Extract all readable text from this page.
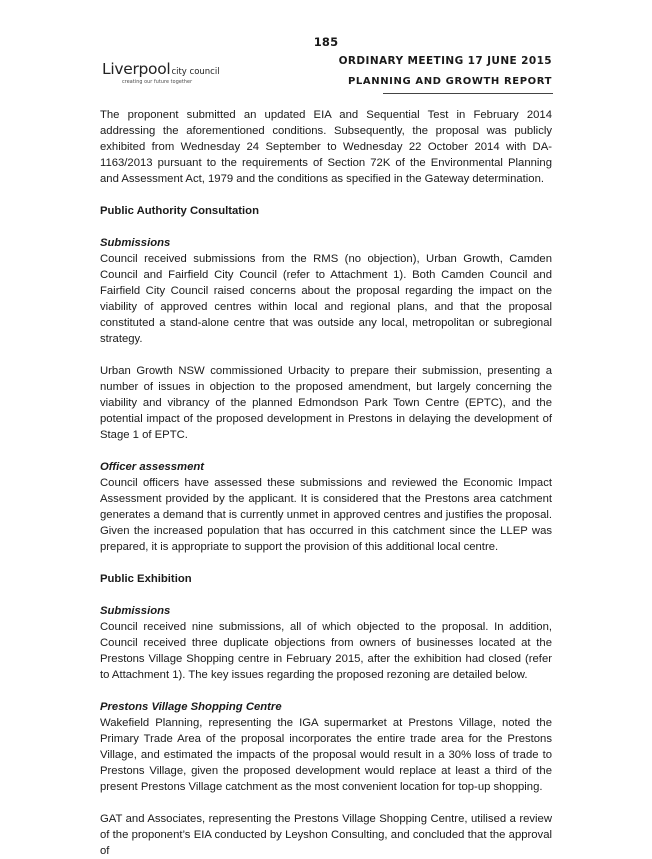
185
Liverpoolcity council
creating our future together
ORDINARY MEETING 17 JUNE 2015
PLANNING AND GROWTH REPORT

The proponent submitted an updated EIA and Sequential Test in February 2014 addressing the aforementioned conditions. Subsequently, the proposal was publicly exhibited from Wednesday 24 September to Wednesday 22 October 2014 with DA-1163/2013 pursuant to the requirements of Section 72K of the Environmental Planning and Assessment Act, 1979 and the conditions as specified in the Gateway determination.

Public Authority Consultation

Submissions

Council received submissions from the RMS (no objection), Urban Growth, Camden Council and Fairfield City Council (refer to Attachment 1). Both Camden Council and Fairfield City Council raised concerns about the proposal regarding the impact on the viability of approved centres within local and regional plans, and that the proposal constituted a stand-alone centre that was outside any local, metropolitan or subregional strategy.

Urban Growth NSW commissioned Urbacity to prepare their submission, presenting a number of issues in objection to the proposed amendment, but largely concerning the viability and vibrancy of the planned Edmondson Park Town Centre (EPTC), and the potential impact of the proposed development in Prestons in delaying the development of Stage 1 of EPTC.

Officer assessment

Council officers have assessed these submissions and reviewed the Economic Impact Assessment provided by the applicant. It is considered that the Prestons area catchment generates a demand that is currently unmet in approved centres and justifies the proposal. Given the increased population that has occurred in this catchment since the LLEP was prepared, it is appropriate to support the provision of this additional local centre.

Public Exhibition

Submissions

Council received nine submissions, all of which objected to the proposal. In addition, Council received three duplicate objections from owners of businesses located at the Prestons Village Shopping centre in February 2015, after the exhibition had closed (refer to Attachment 1). The key issues regarding the proposed rezoning are detailed below.

Prestons Village Shopping Centre

Wakefield Planning, representing the IGA supermarket at Prestons Village, noted the Primary Trade Area of the proposal incorporates the entire trade area for the Prestons Village, and estimated the impacts of the proposal would result in a 30% loss of trade to Prestons Village, given the proposed development would replace at least a third of the present Prestons Village catchment as the most convenient location for top-up shopping.

GAT and Associates, representing the Prestons Village Shopping Centre, utilised a review of the proponent’s EIA conducted by Leyshon Consulting, and concluded that the approval of
